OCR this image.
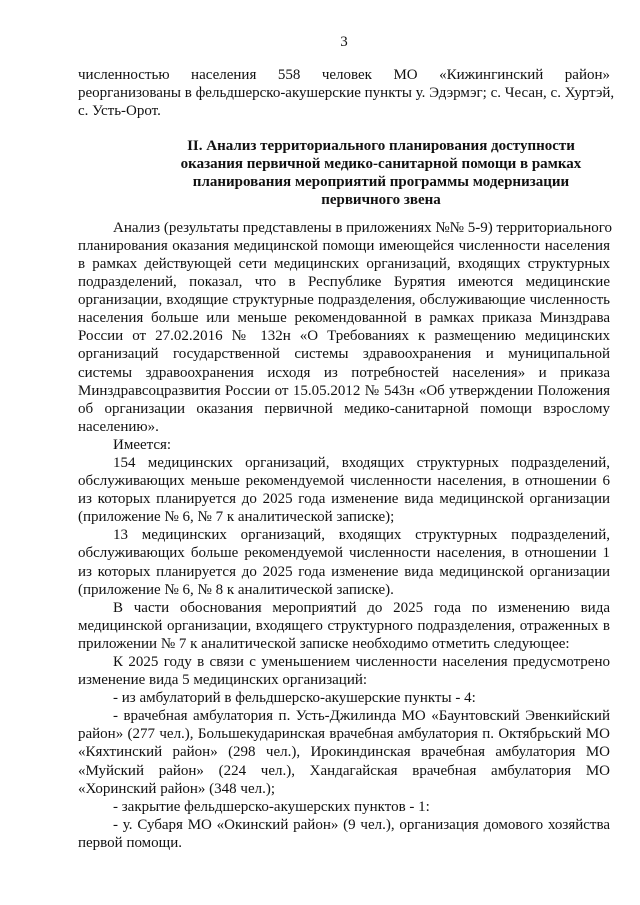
3
численностью населения 558 человек МО «Кижингинский район»
реорганизованы в фельдшерско-акушерские пункты у. Эдэрмэг; с. Чесан, с. Хуртэй,
с. Усть-Орот.
II. Анализ территориального планирования доступности
оказания первичной медико-санитарной помощи в рамках
планирования мероприятий программы модернизации
первичного звена
Анализ (результаты представлены в приложениях №№ 5-9) территориального
планирования оказания медицинской помощи имеющейся численности населения
в рамках действующей сети медицинских организаций, входящих структурных
подразделений, показал, что в Республике Бурятия имеются медицинские
организации, входящие структурные подразделения, обслуживающие численность
населения больше или меньше рекомендованной в рамках приказа Минздрава
России от 27.02.2016 № 132н «О Требованиях к размещению медицинских
организаций государственной системы здравоохранения и муниципальной
системы здравоохранения исходя из потребностей населения» и приказа
Минздравсоцразвития России от 15.05.2012 № 543н «Об утверждении Положения
об организации оказания первичной медико-санитарной помощи взрослому
населению».
Имеется:
154 медицинских организаций, входящих структурных подразделений,
обслуживающих меньше рекомендуемой численности населения, в отношении 6
из которых планируется до 2025 года изменение вида медицинской организации
(приложение № 6, № 7 к аналитической записке);
13 медицинских организаций, входящих структурных подразделений,
обслуживающих больше рекомендуемой численности населения, в отношении 1
из которых планируется до 2025 года изменение вида медицинской организации
(приложение № 6, № 8 к аналитической записке).
В части обоснования мероприятий до 2025 года по изменению вида
медицинской организации, входящего структурного подразделения, отраженных в
приложении № 7 к аналитической записке необходимо отметить следующее:
К 2025 году в связи с уменьшением численности населения предусмотрено
изменение вида 5 медицинских организаций:
- из амбулаторий в фельдшерско-акушерские пункты - 4:
- врачебная амбулатория п. Усть-Джилинда МО «Баунтовский Эвенкийский
район» (277 чел.), Большекударинская врачебная амбулатория п. Октябрьский МО
«Кяхтинский район» (298 чел.), Ирокиндинская врачебная амбулатория МО
«Муйский район» (224 чел.), Хандагайская врачебная амбулатория МО
«Хоринский район» (348 чел.);
- закрытие фельдшерско-акушерских пунктов - 1:
- у. Субаря МО «Окинский район» (9 чел.), организация домового хозяйства
первой помощи.
